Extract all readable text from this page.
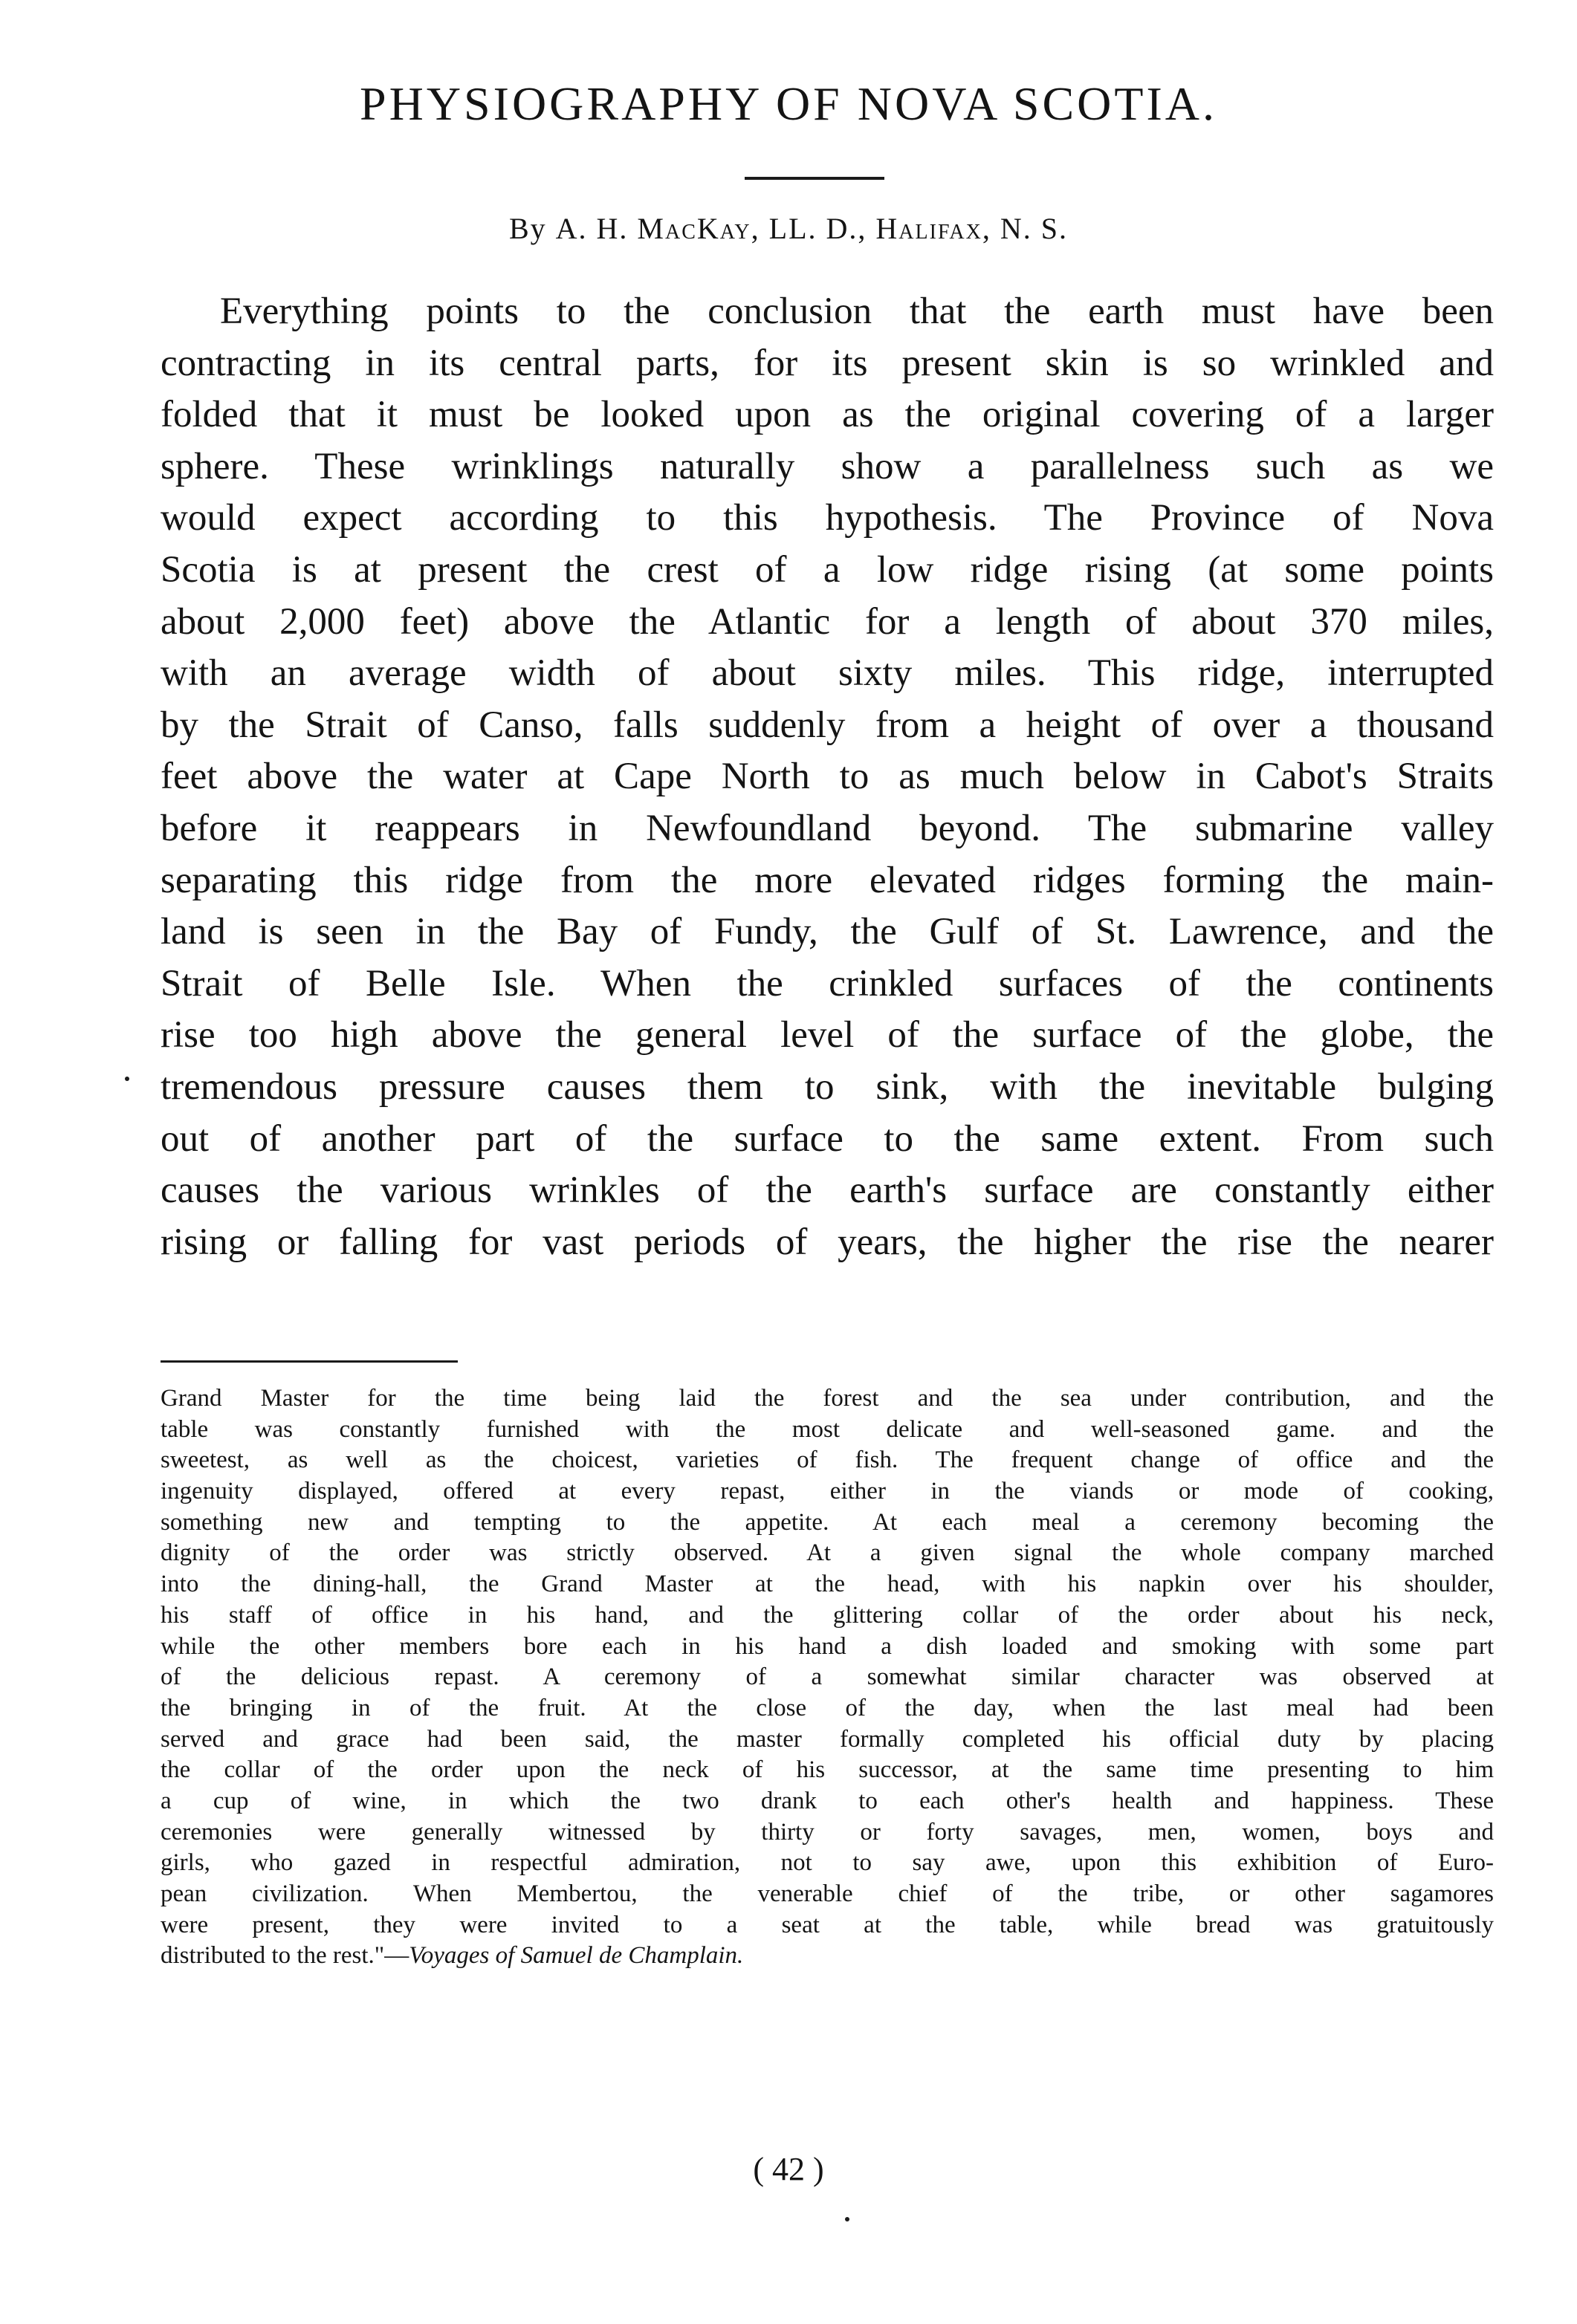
PHYSIOGRAPHY OF NOVA SCOTIA.
By A. H. MacKay, LL. D., Halifax, N. S.
Everything points to the conclusion that the earth must have been
contracting in its central parts, for its present skin is so wrinkled and
folded that it must be looked upon as the original covering of a larger
sphere. These wrinklings naturally show a parallelness such as we
would expect according to this hypothesis. The Province of Nova
Scotia is at present the crest of a low ridge rising (at some points
about 2,000 feet) above the Atlantic for a length of about 370 miles,
with an average width of about sixty miles. This ridge, interrupted
by the Strait of Canso, falls suddenly from a height of over a thousand
feet above the water at Cape North to as much below in Cabot's Straits
before it reappears in Newfoundland beyond. The submarine valley
separating this ridge from the more elevated ridges forming the main-
land is seen in the Bay of Fundy, the Gulf of St. Lawrence, and the
Strait of Belle Isle. When the crinkled surfaces of the continents
rise too high above the general level of the surface of the globe, the
tremendous pressure causes them to sink, with the inevitable bulging
out of another part of the surface to the same extent. From such
causes the various wrinkles of the earth's surface are constantly either
rising or falling for vast periods of years, the higher the rise the nearer
Grand Master for the time being laid the forest and the sea under contribution, and the
table was constantly furnished with the most delicate and well-seasoned game. and the
sweetest, as well as the choicest, varieties of fish. The frequent change of office and the
ingenuity displayed, offered at every repast, either in the viands or mode of cooking,
something new and tempting to the appetite. At each meal a ceremony becoming the
dignity of the order was strictly observed. At a given signal the whole company marched
into the dining-hall, the Grand Master at the head, with his napkin over his shoulder,
his staff of office in his hand, and the glittering collar of the order about his neck,
while the other members bore each in his hand a dish loaded and smoking with some part
of the delicious repast. A ceremony of a somewhat similar character was observed at
the bringing in of the fruit. At the close of the day, when the last meal had been
served and grace had been said, the master formally completed his official duty by placing
the collar of the order upon the neck of his successor, at the same time presenting to him
a cup of wine, in which the two drank to each other's health and happiness. These
ceremonies were generally witnessed by thirty or forty savages, men, women, boys and
girls, who gazed in respectful admiration, not to say awe, upon this exhibition of Euro-
pean civilization. When Membertou, the venerable chief of the tribe, or other sagamores
were present, they were invited to a seat at the table, while bread was gratuitously
distributed to the rest."—Voyages of Samuel de Champlain.
( 42 )
